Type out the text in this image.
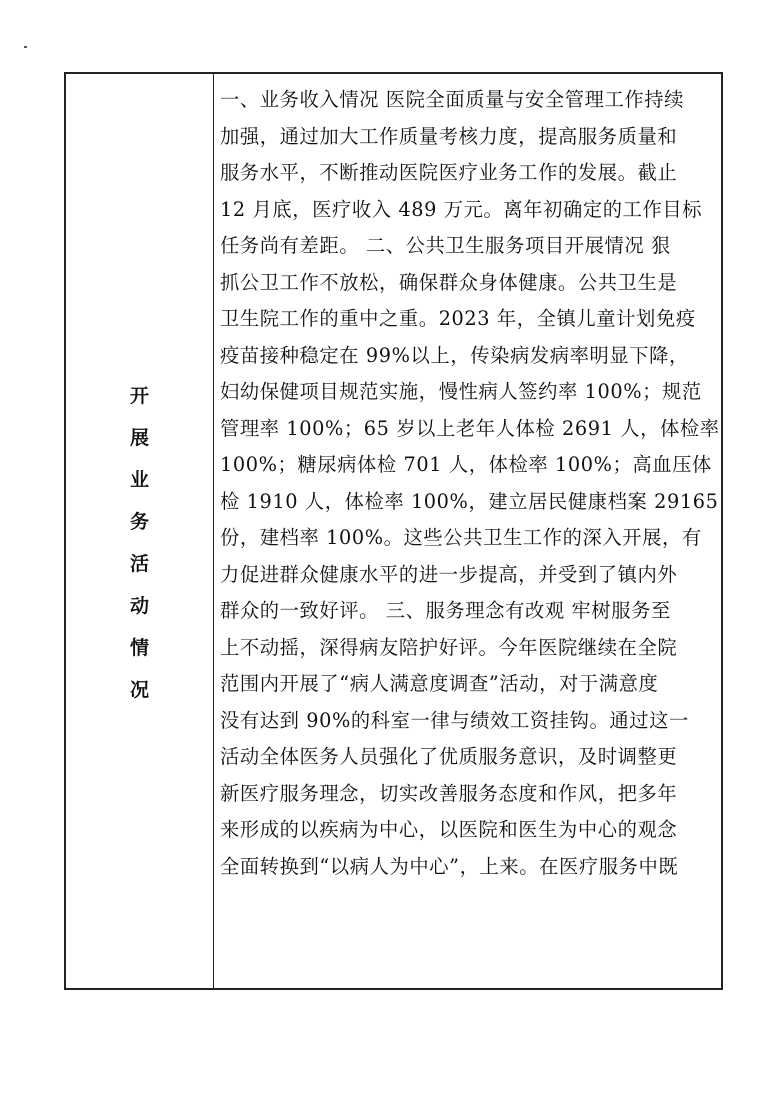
开
展
业
务
活
动
情
况
一、业务收入情况 医院全面质量与安全管理工作持续
加强，通过加大工作质量考核力度，提高服务质量和
服务水平，不断推动医院医疗业务工作的发展。截止
12 月底，医疗收入 489 万元。离年初确定的工作目标
任务尚有差距。 二、公共卫生服务项目开展情况 狠
抓公卫工作不放松，确保群众身体健康。公共卫生是
卫生院工作的重中之重。2023 年，全镇儿童计划免疫
疫苗接种稳定在 99%以上，传染病发病率明显下降，
妇幼保健项目规范实施，慢性病人签约率 100%；规范
管理率 100%；65 岁以上老年人体检 2691 人，体检率
100%；糖尿病体检 701 人，体检率 100%；高血压体
检 1910 人，体检率 100%，建立居民健康档案 29165
份，建档率 100%。这些公共卫生工作的深入开展，有
力促进群众健康水平的进一步提高，并受到了镇内外
群众的一致好评。 三、服务理念有改观 牢树服务至
上不动摇，深得病友陪护好评。今年医院继续在全院
范围内开展了“病人满意度调查”活动，对于满意度
没有达到 90%的科室一律与绩效工资挂钩。通过这一
活动全体医务人员强化了优质服务意识，及时调整更
新医疗服务理念，切实改善服务态度和作风，把多年
来形成的以疾病为中心，以医院和医生为中心的观念
全面转换到“以病人为中心”，上来。在医疗服务中既
